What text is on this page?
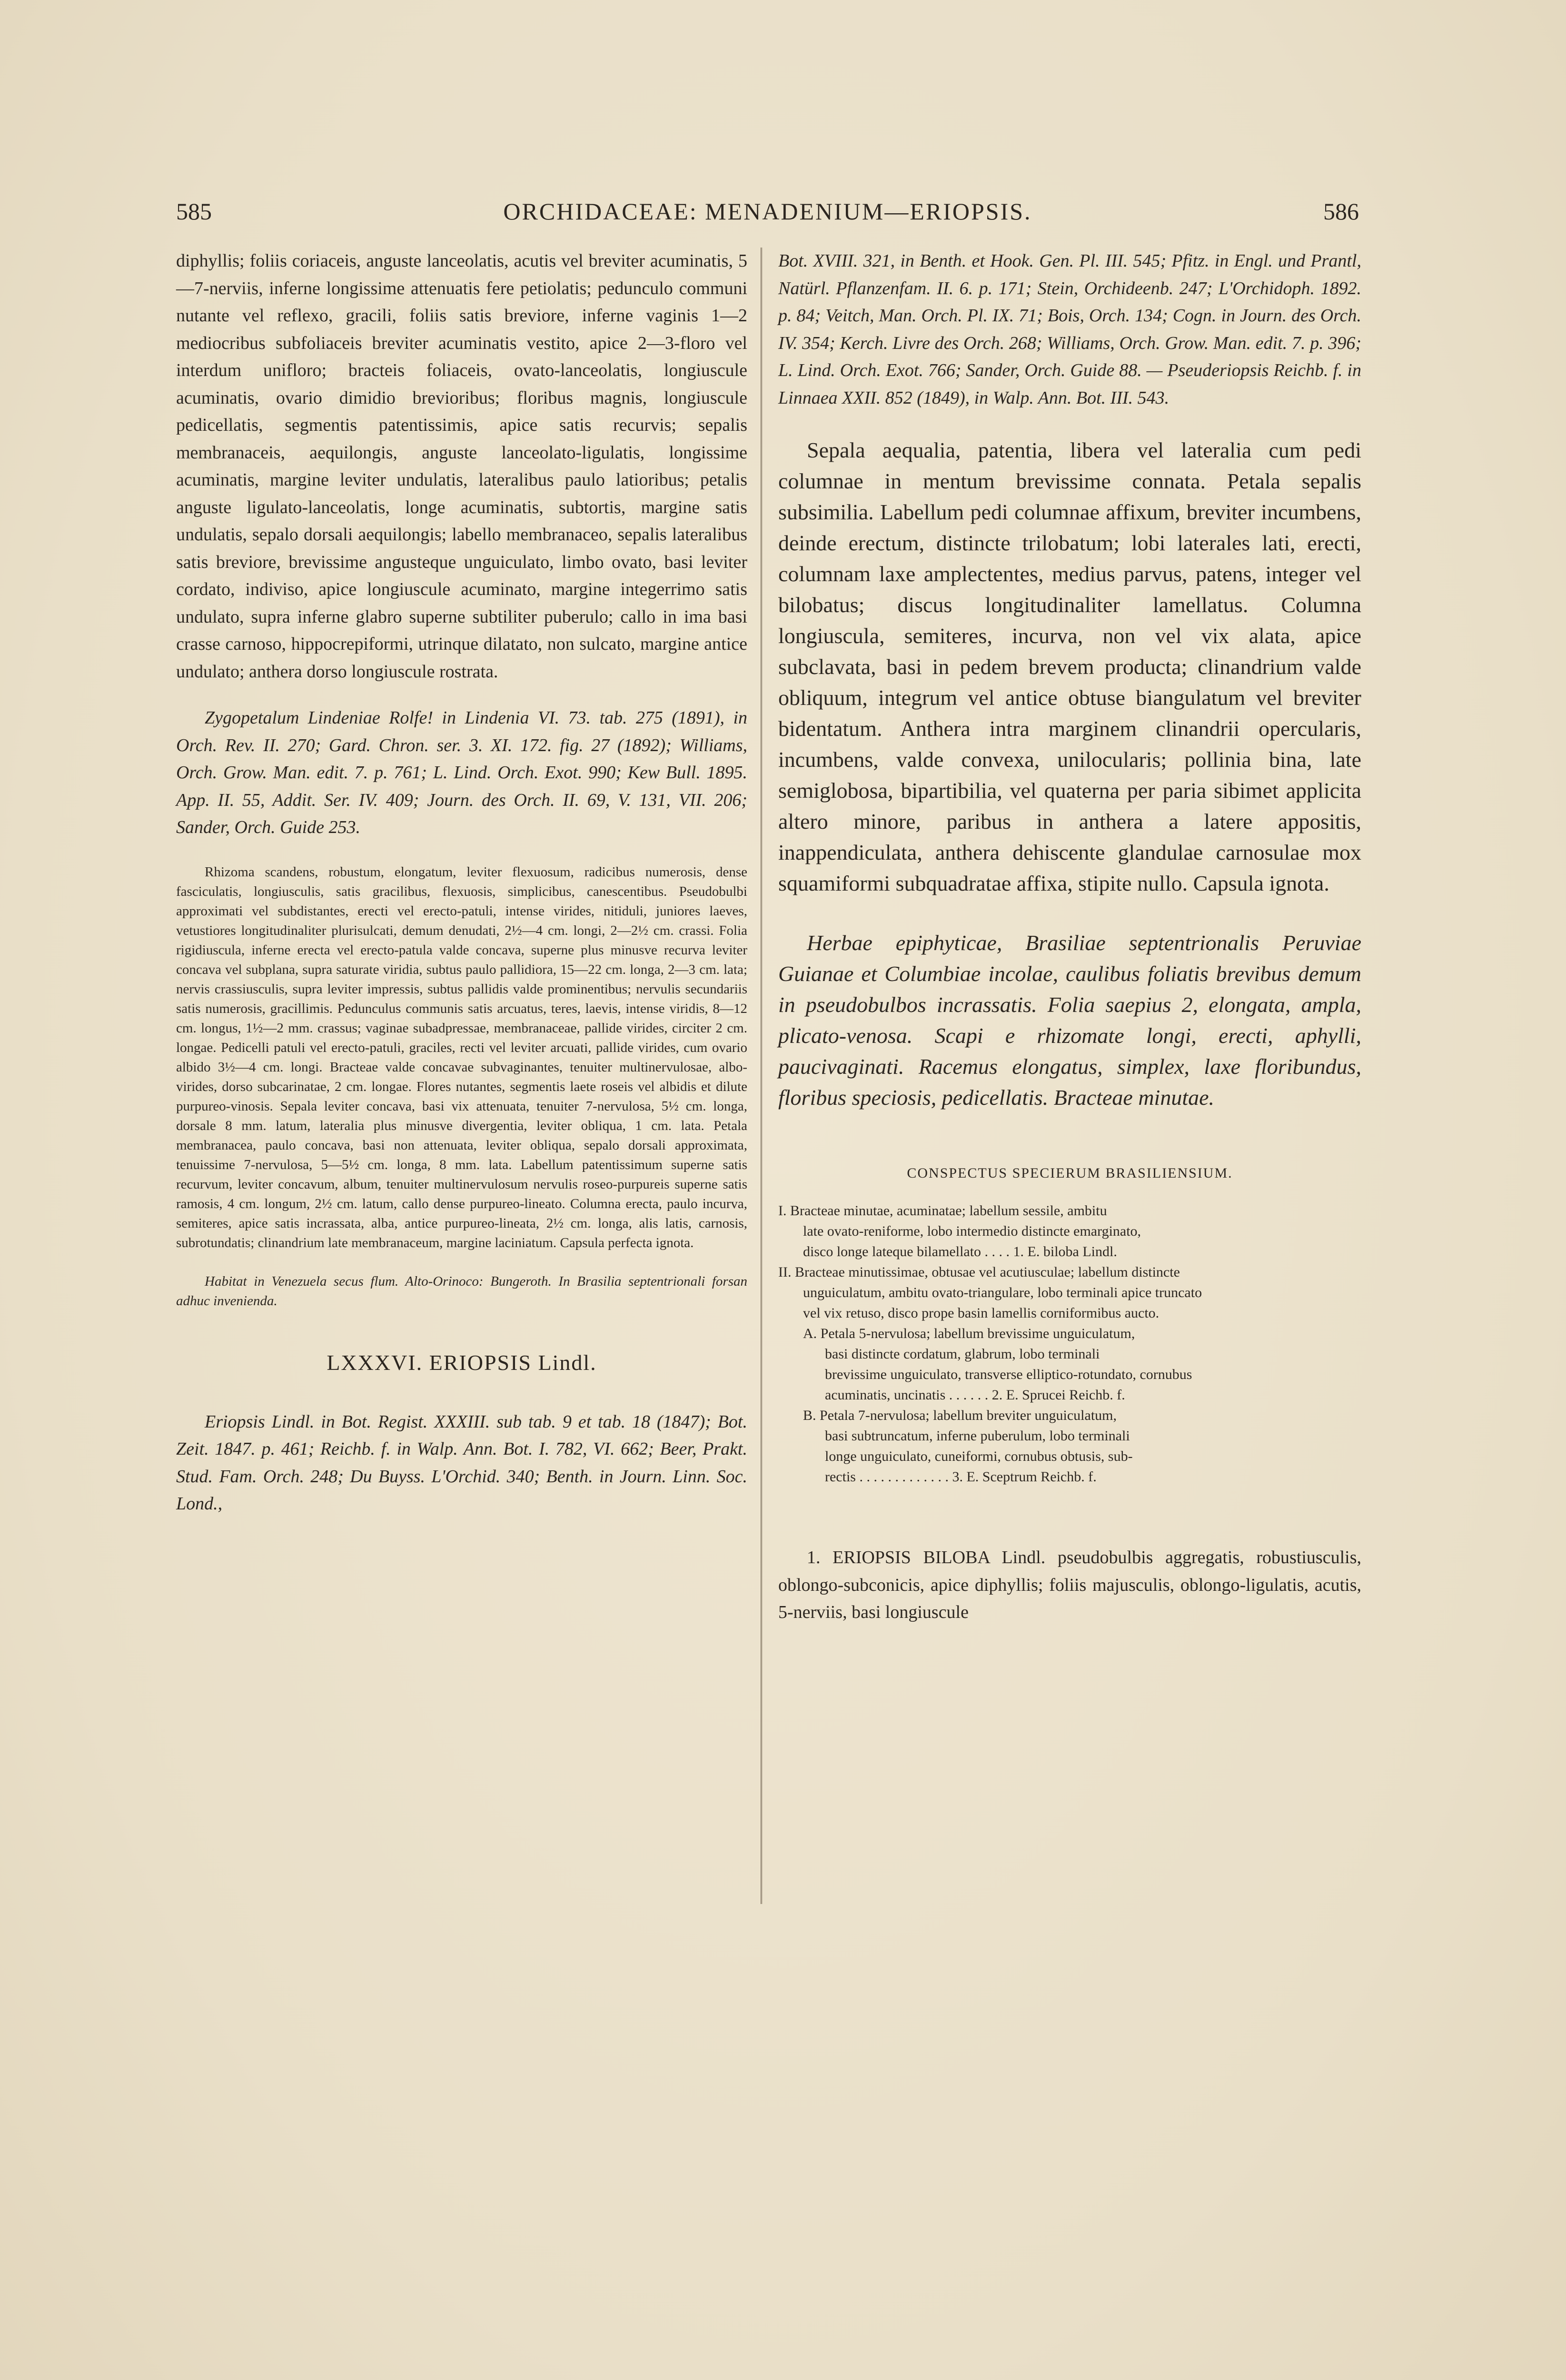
585	ORCHIDACEAE: MENADENIUM—ERIOPSIS.	586

diphyllis; foliis coriaceis, anguste lanceolatis, acutis vel breviter acuminatis, 5—7-nerviis, inferne longissime attenuatis fere petiolatis; pedunculo communi nutante vel reflexo, gracili, foliis satis breviore, inferne vaginis 1—2 mediocribus subfoliaceis breviter acuminatis vestito, apice 2—3-floro vel interdum unifloro; bracteis foliaceis, ovato-lanceolatis, longiuscule acuminatis, ovario dimidio brevioribus; floribus magnis, longiuscule pedicellatis, segmentis patentissimis, apice satis recurvis; sepalis membranaceis, aequilongis, anguste lanceolato-ligulatis, longissime acuminatis, margine leviter undulatis, lateralibus paulo latioribus; petalis anguste ligulato-lanceolatis, longe acuminatis, subtortis, margine satis undulatis, sepalo dorsali aequilongis; labello membranaceo, sepalis lateralibus satis breviore, brevissime angusteque unguiculato, limbo ovato, basi leviter cordato, indiviso, apice longiuscule acuminato, margine integerrimo satis undulato, supra inferne glabro superne subtiliter puberulo; callo in ima basi crasse carnoso, hippocrepiformi, utrinque dilatato, non sulcato, margine antice undulato; anthera dorso longiuscule rostrata.

Zygopetalum Lindeniae Rolfe! in Lindenia VI. 73. tab. 275 (1891), in Orch. Rev. II. 270; Gard. Chron. ser. 3. XI. 172. fig. 27 (1892); Williams, Orch. Grow. Man. edit. 7. p. 761; L. Lind. Orch. Exot. 990; Kew Bull. 1895. App. II. 55, Addit. Ser. IV. 409; Journ. des Orch. II. 69, V. 131, VII. 206; Sander, Orch. Guide 253.

Rhizoma scandens, robustum, elongatum, leviter flexuosum, radicibus numerosis, dense fasciculatis, longiusculis, satis gracilibus, flexuosis, simplicibus, canescentibus. Pseudobulbi approximati vel subdistantes, erecti vel erecto-patuli, intense virides, nitiduli, juniores laeves, vetustiores longitudinaliter plurisulcati, demum denudati, 2½—4 cm. longi, 2—2½ cm. crassi. Folia rigidiuscula, inferne erecta vel erecto-patula valde concava, superne plus minusve recurva leviter concava vel subplana, supra saturate viridia, subtus paulo pallidiora, 15—22 cm. longa, 2—3 cm. lata; nervis crassiusculis, supra leviter impressis, subtus pallidis valde prominentibus; nervulis secundariis satis numerosis, gracillimis. Pedunculus communis satis arcuatus, teres, laevis, intense viridis, 8—12 cm. longus, 1½—2 mm. crassus; vaginae subadpressae, membranaceae, pallide virides, circiter 2 cm. longae. Pedicelli patuli vel erecto-patuli, graciles, recti vel leviter arcuati, pallide virides, cum ovario albido 3½—4 cm. longi. Bracteae valde concavae subvaginantes, tenuiter multinervulosae, albo-virides, dorso subcarinatae, 2 cm. longae. Flores nutantes, segmentis laete roseis vel albidis et dilute purpureo-vinosis. Sepala leviter concava, basi vix attenuata, tenuiter 7-nervulosa, 5½ cm. longa, dorsale 8 mm. latum, lateralia plus minusve divergentia, leviter obliqua, 1 cm. lata. Petala membranacea, paulo concava, basi non attenuata, leviter obliqua, sepalo dorsali approximata, tenuissime 7-nervulosa, 5—5½ cm. longa, 8 mm. lata. Labellum patentissimum superne satis recurvum, leviter concavum, album, tenuiter multinervulosum nervulis roseo-purpureis superne satis ramosis, 4 cm. longum, 2½ cm. latum, callo dense purpureo-lineato. Columna erecta, paulo incurva, semiteres, apice satis incrassata, alba, antice purpureo-lineata, 2½ cm. longa, alis latis, carnosis, subrotundatis; clinandrium late membranaceum, margine laciniatum. Capsula perfecta ignota.

Habitat in Venezuela secus flum. Alto-Orinoco: Bungeroth. In Brasilia septentrionali forsan adhuc invenienda.

LXXXVI. ERIOPSIS Lindl.

Eriopsis Lindl. in Bot. Regist. XXXIII. sub tab. 9 et tab. 18 (1847); Bot. Zeit. 1847. p. 461; Reichb. f. in Walp. Ann. Bot. I. 782, VI. 662; Beer, Prakt. Stud. Fam. Orch. 248; Du Buyss. L'Orchid. 340; Benth. in Journ. Linn. Soc. Lond.,

Bot. XVIII. 321, in Benth. et Hook. Gen. Pl. III. 545; Pfitz. in Engl. und Prantl, Natürl. Pflanzenfam. II. 6. p. 171; Stein, Orchideenb. 247; L'Orchidoph. 1892. p. 84; Veitch, Man. Orch. Pl. IX. 71; Bois, Orch. 134; Cogn. in Journ. des Orch. IV. 354; Kerch. Livre des Orch. 268; Williams, Orch. Grow. Man. edit. 7. p. 396; L. Lind. Orch. Exot. 766; Sander, Orch. Guide 88. — Pseuderiopsis Reichb. f. in Linnaea XXII. 852 (1849), in Walp. Ann. Bot. III. 543.

Sepala aequalia, patentia, libera vel lateralia cum pedi columnae in mentum brevissime connata. Petala sepalis subsimilia. Labellum pedi columnae affixum, breviter incumbens, deinde erectum, distincte trilobatum; lobi laterales lati, erecti, columnam laxe amplectentes, medius parvus, patens, integer vel bilobatus; discus longitudinaliter lamellatus. Columna longiuscula, semiteres, incurva, non vel vix alata, apice subclavata, basi in pedem brevem producta; clinandrium valde obliquum, integrum vel antice obtuse biangulatum vel breviter bidentatum. Anthera intra marginem clinandrii opercularis, incumbens, valde convexa, unilocularis; pollinia bina, late semiglobosa, bipartibilia, vel quaterna per paria sibimet applicita altero minore, paribus in anthera a latere appositis, inappendiculata, anthera dehiscente glandulae carnosulae mox squamiformi subquadratae affixa, stipite nullo. Capsula ignota.

Herbae epiphyticae, Brasiliae septentrionalis Peruviae Guianae et Columbiae incolae, caulibus foliatis brevibus demum in pseudobulbos incrassatis. Folia saepius 2, elongata, ampla, plicato-venosa. Scapi e rhizomate longi, erecti, aphylli, paucivaginati. Racemus elongatus, simplex, laxe floribundus, floribus speciosis, pedicellatis. Bracteae minutae.

CONSPECTUS SPECIERUM BRASILIENSIUM.

I. Bracteae minutae, acuminatae; labellum sessile, ambitu
late ovato-reniforme, lobo intermedio distincte emarginato,
disco longe lateque bilamellato . . . . 1. E. biloba Lindl.
II. Bracteae minutissimae, obtusae vel acutiusculae; labellum distincte
unguiculatum, ambitu ovato-triangulare, lobo terminali apice truncato
vel vix retuso, disco prope basin lamellis corniformibus aucto.
A. Petala 5-nervulosa; labellum brevissime unguiculatum,
basi distincte cordatum, glabrum, lobo terminali
brevissime unguiculato, transverse elliptico-rotundato, cornubus
acuminatis, uncinatis . . . . . . 2. E. Sprucei Reichb. f.
B. Petala 7-nervulosa; labellum breviter unguiculatum,
basi subtruncatum, inferne puberulum, lobo terminali
longe unguiculato, cuneiformi, cornubus obtusis, sub-
rectis . . . . . . . . . . . . . 3. E. Sceptrum Reichb. f.

1. ERIOPSIS BILOBA Lindl. pseudobulbis aggregatis, robustiusculis, oblongo-subconicis, apice diphyllis; foliis majusculis, oblongo-ligulatis, acutis, 5-nerviis, basi longiuscule
